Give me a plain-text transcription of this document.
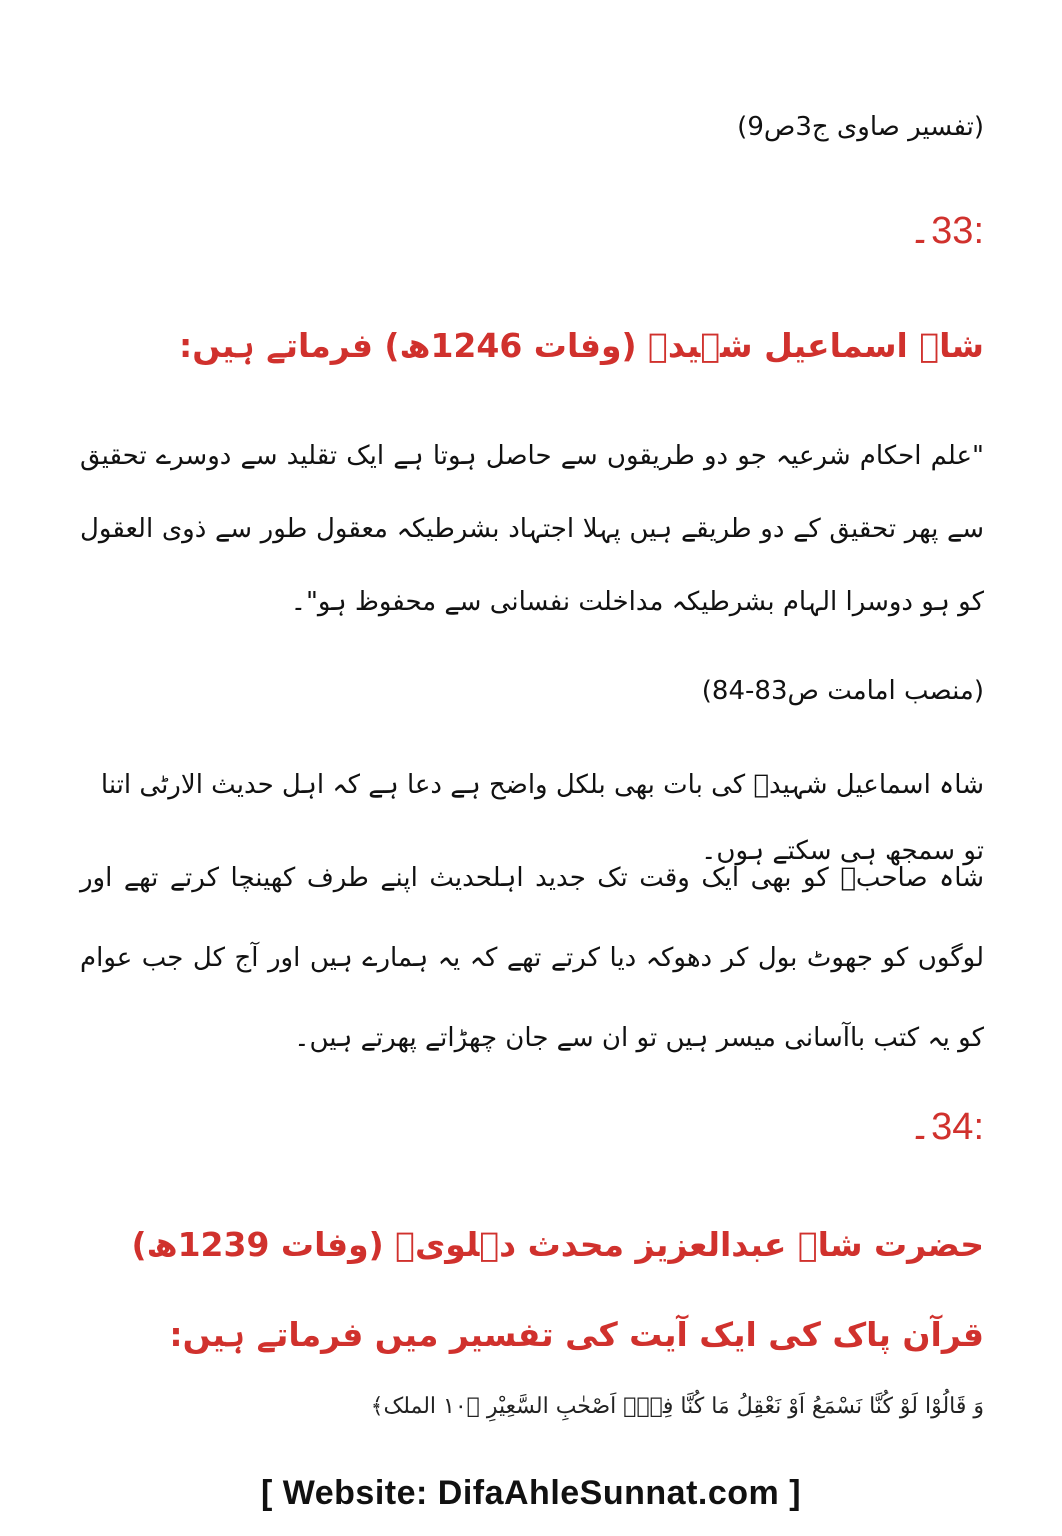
(تفسیر صاوی ج3ص9)
:33۔
شاہ اسماعیل شہیدؒ (وفات 1246ھ) فرماتے ہیں:
"علم احکام شرعیہ جو دو طریقوں سے حاصل ہوتا ہے ایک تقلید سے دوسرے تحقیق سے پھر تحقیق کے دو طریقے ہیں پہلا اجتہاد بشرطیکہ معقول طور سے ذوی العقول کو ہو دوسرا الہام بشرطیکہ مداخلت نفسانی سے محفوظ ہو"۔
(منصب امامت ص83-84)
شاہ اسماعیل شہیدؒ کی بات بھی بلکل واضح ہے دعا ہے کہ اہل حدیث الارٹی اتنا تو سمجھ ہی سکتے ہوں۔
شاہ صاحبؒ کو بھی ایک وقت تک جدید اہلحدیث اپنے طرف کھینچا کرتے تھے اور لوگوں کو جھوٹ بول کر دھوکہ دیا کرتے تھے کہ یہ ہمارے ہیں اور آج کل جب عوام کو یہ کتب باآسانی میسر ہیں تو ان سے جان چھڑاتے پھرتے ہیں۔
:34۔
حضرت شاہ عبدالعزیز محدث دہلویؒ (وفات 1239ھ) قرآن پاک کی ایک آیت کی تفسیر میں فرماتے ہیں:
وَ قَالُوْا لَوْ كُنَّا نَسْمَعُ اَوْ نَعْقِلُ مَا كُنَّا فِیْۤ اَصْحٰبِ السَّعِیْرِ ﴿۱۰ الملک﴾
[ Website: DifaAhleSunnat.com ]
